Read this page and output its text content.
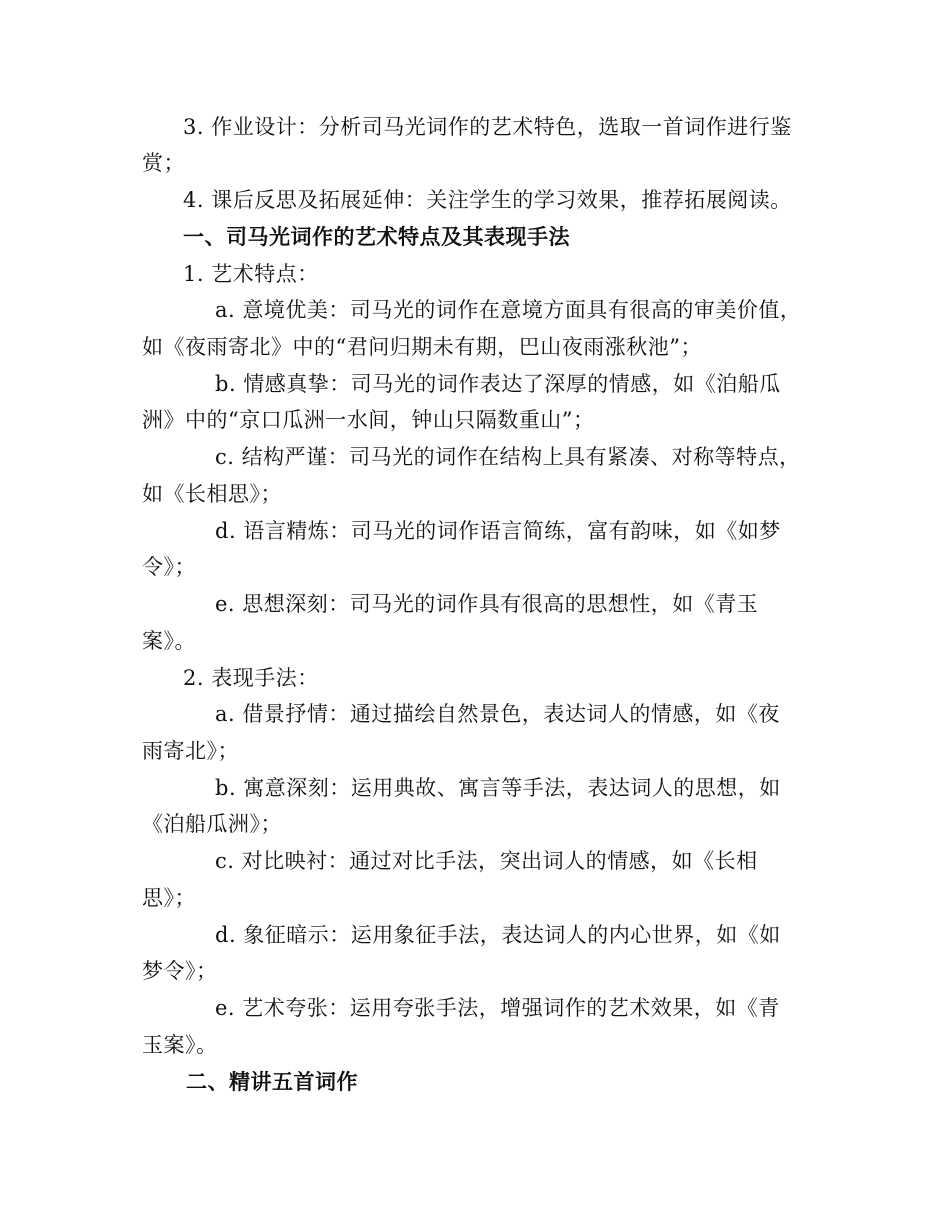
3. 作业设计：分析司马光词作的艺术特色，选取一首词作进行鉴
赏；
4. 课后反思及拓展延伸：关注学生的学习效果，推荐拓展阅读。
一、司马光词作的艺术特点及其表现手法
1. 艺术特点：
a. 意境优美：司马光的词作在意境方面具有很高的审美价值，
如《夜雨寄北》中的“君问归期未有期，巴山夜雨涨秋池”；
b. 情感真挚：司马光的词作表达了深厚的情感，如《泊船瓜
洲》中的“京口瓜洲一水间，钟山只隔数重山”；
c. 结构严谨：司马光的词作在结构上具有紧凑、对称等特点，
如《长相思》；
d. 语言精炼：司马光的词作语言简练，富有韵味，如《如梦
令》；
e. 思想深刻：司马光的词作具有很高的思想性，如《青玉
案》。
2. 表现手法：
a. 借景抒情：通过描绘自然景色，表达词人的情感，如《夜
雨寄北》；
b. 寓意深刻：运用典故、寓言等手法，表达词人的思想，如
《泊船瓜洲》；
c. 对比映衬：通过对比手法，突出词人的情感，如《长相
思》；
d. 象征暗示：运用象征手法，表达词人的内心世界，如《如
梦令》；
e. 艺术夸张：运用夸张手法，增强词作的艺术效果，如《青
玉案》。
二、精讲五首词作
